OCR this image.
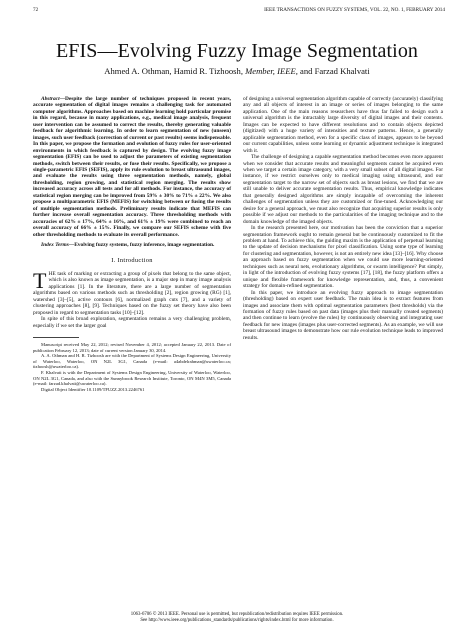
72	IEEE TRANSACTIONS ON FUZZY SYSTEMS, VOL. 22, NO. 1, FEBRUARY 2014
EFIS—Evolving Fuzzy Image Segmentation
Ahmed A. Othman, Hamid R. Tizhoosh, Member, IEEE, and Farzad Khalvati

Abstract—Despite the large number of techniques proposed in recent years, accurate segmentation of digital images remains a challenging task for automated computer algorithms. Approaches based on machine learning hold particular promise in this regard, because in many applications, e.g., medical image analysis, frequent user intervention can be assumed to correct the results, thereby generating valuable feedback for algorithmic learning. In order to learn segmentation of new (unseen) images, such user feedback (correction of current or past results) seems indispensable. In this paper, we propose the formation and evolution of fuzzy rules for user-oriented environments in which feedback is captured by design. The evolving fuzzy image segmentation (EFIS) can be used to adjust the parameters of existing segmentation methods, switch between their results, or fuse their results. Specifically, we propose a single-parametric EFIS (SEFIS), apply its rule evolution to breast ultrasound images, and evaluate the results using three segmentation methods, namely, global thresholding, region growing, and statistical region merging. The results show increased accuracy across all tests and for all methods. For instance, the accuracy of statistical region merging can be improved from 59% ± 30% to 71% ± 22%. We also propose a multiparametric EFIS (MEFIS) for switching between or fusing the results of multiple segmentation methods. Preliminary results indicate that MEFIS can further increase overall segmentation accuracy. Three thresholding methods with accuracies of 62% ± 17%, 64% ± 16%, and 61% ± 19% were combined to reach an overall accuracy of 66% ± 15%. Finally, we compare our SEFIS scheme with five other thresholding methods to evaluate its overall performance.

Index Terms—Evolving fuzzy systems, fuzzy inference, image segmentation.

I. Introduction

THE task of marking or extracting a group of pixels that belong to the same object, which is also known as image segmentation, is a major step in many image analysis applications [1]. In the literature, there are a large number of segmentation algorithms based on various methods such as thresholding [2], region growing (RG) [1], watershed [3]–[5], active contours [6], normalized graph cuts [7], and a variety of clustering approaches [8], [9]. Techniques based on the fuzzy set theory have also been proposed in regard to segmentation tasks [10]–[12].

In spite of this broad exploration, segmentation remains a very challenging problem, especially if we set the larger goal

Manuscript received May 22, 2012; revised November 4, 2012; accepted January 22, 2013. Date of publication February 12, 2013; date of current version January 30, 2014.

A. A. Othman and H. R. Tizhoosh are with the Department of Systems Design Engineering, University of Waterloo, Waterloo, ON N2L 3G1, Canada (e-mail: a4abdelrahman@uwaterloo.ca; tizhoosh@uwaterloo.ca).

F. Khalvati is with the Department of Systems Design Engineering, University of Waterloo, Waterloo, ON N2L 3G1, Canada, and also with the Sunnybrook Research Institute, Toronto, ON M4N 3M5, Canada (e-mail: farzad.khalvati@uwaterloo.ca).

Digital Object Identifier 10.1109/TFUZZ.2013.2246761

of designing a universal segmentation algorithm capable of correctly (accurately) classifying any and all objects of interest in an image or series of images belonging to the same application. One of the main reasons researchers have thus far failed to design such a universal algorithm is the intractably large diversity of digital images and their contents. Images can be expected to have different resolutions and to contain objects depicted (digitized) with a huge variety of intensities and texture patterns. Hence, a generally applicable segmentation method, even for a specific class of images, appears to be beyond our current capabilities, unless some learning or dynamic adjustment technique is integrated with it.

The challenge of designing a capable segmentation method becomes even more apparent when we consider that accurate results and meaningful segments cannot be acquired even when we target a certain image category, with a very small subset of all digital images. For instance, if we restrict ourselves only to medical imaging using ultrasound, and our segmentation target to the narrow set of objects such as breast lesions, we find that we are still unable to deliver accurate segmentation results. Thus, empirical knowledge indicates that generally designed algorithms are simply incapable of overcoming the inherent challenges of segmentation unless they are customized or fine-tuned. Acknowledging our desire for a general approach, we must also recognize that acquiring superior results is only possible if we adjust our methods to the particularities of the imaging technique and to the domain knowledge of the imaged objects.

In the research presented here, our motivation has been the conviction that a superior segmentation framework ought to remain general but be continuously customized to fit the problem at hand. To achieve this, the guiding maxim is the application of perpetual learning to the update of decision mechanisms for pixel classification. Using some type of learning for clustering and segmentation, however, is not an entirely new idea [13]–[16]. Why choose an approach based on fuzzy segmentation when we could use more learning-oriented techniques such as neural nets, evolutionary algorithms, or swarm intelligence? Put simply, in light of the introduction of evolving fuzzy systems [17], [18], the fuzzy platform offers a unique and flexible framework for knowledge representation, and, thus, a convenient strategy for domain-refined segmentation.

In this paper, we introduce an evolving fuzzy approach to image segmentation (thresholding) based on expert user feedback. The main idea is to extract features from images and associate them with optimal segmentation parameters (best thresholds) via the formation of fuzzy rules based on past data (images plus their manually created segments) and then continue to learn (evolve the rules) by continuously observing and integrating user feedback for new images (images plus user-corrected segments). As an example, we will use breast ultrasound images to demonstrate how our rule evolution technique leads to improved results.

1063-6706 © 2013 IEEE. Personal use is permitted, but republication/redistribution requires IEEE permission.
See http://www.ieee.org/publications_standards/publications/rights/index.html for more information.
